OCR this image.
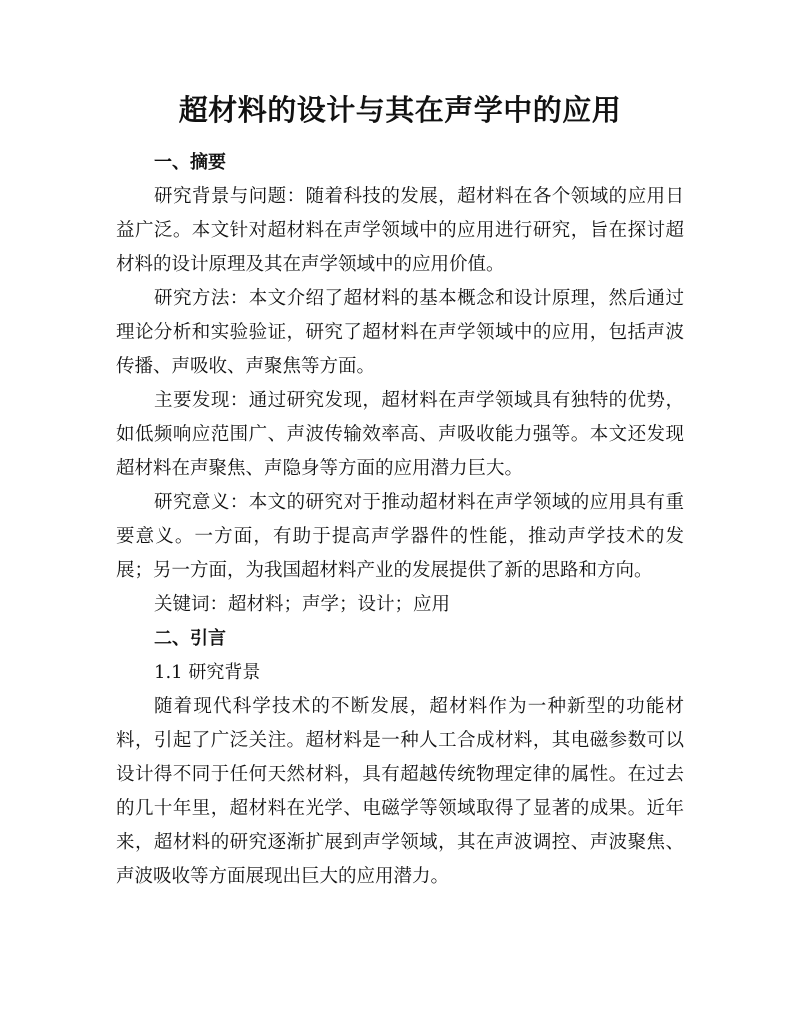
超材料的设计与其在声学中的应用
一、摘要

研究背景与问题：随着科技的发展，超材料在各个领域的应用日益广泛。本文针对超材料在声学领域中的应用进行研究，旨在探讨超材料的设计原理及其在声学领域中的应用价值。

研究方法：本文介绍了超材料的基本概念和设计原理，然后通过理论分析和实验验证，研究了超材料在声学领域中的应用，包括声波传播、声吸收、声聚焦等方面。

主要发现：通过研究发现，超材料在声学领域具有独特的优势，如低频响应范围广、声波传输效率高、声吸收能力强等。本文还发现超材料在声聚焦、声隐身等方面的应用潜力巨大。

研究意义：本文的研究对于推动超材料在声学领域的应用具有重要意义。一方面，有助于提高声学器件的性能，推动声学技术的发展；另一方面，为我国超材料产业的发展提供了新的思路和方向。

关键词：超材料；声学；设计；应用

二、引言

1.1 研究背景

随着现代科学技术的不断发展，超材料作为一种新型的功能材料，引起了广泛关注。超材料是一种人工合成材料，其电磁参数可以设计得不同于任何天然材料，具有超越传统物理定律的属性。在过去的几十年里，超材料在光学、电磁学等领域取得了显著的成果。近年来，超材料的研究逐渐扩展到声学领域，其在声波调控、声波聚焦、声波吸收等方面展现出巨大的应用潜力。
